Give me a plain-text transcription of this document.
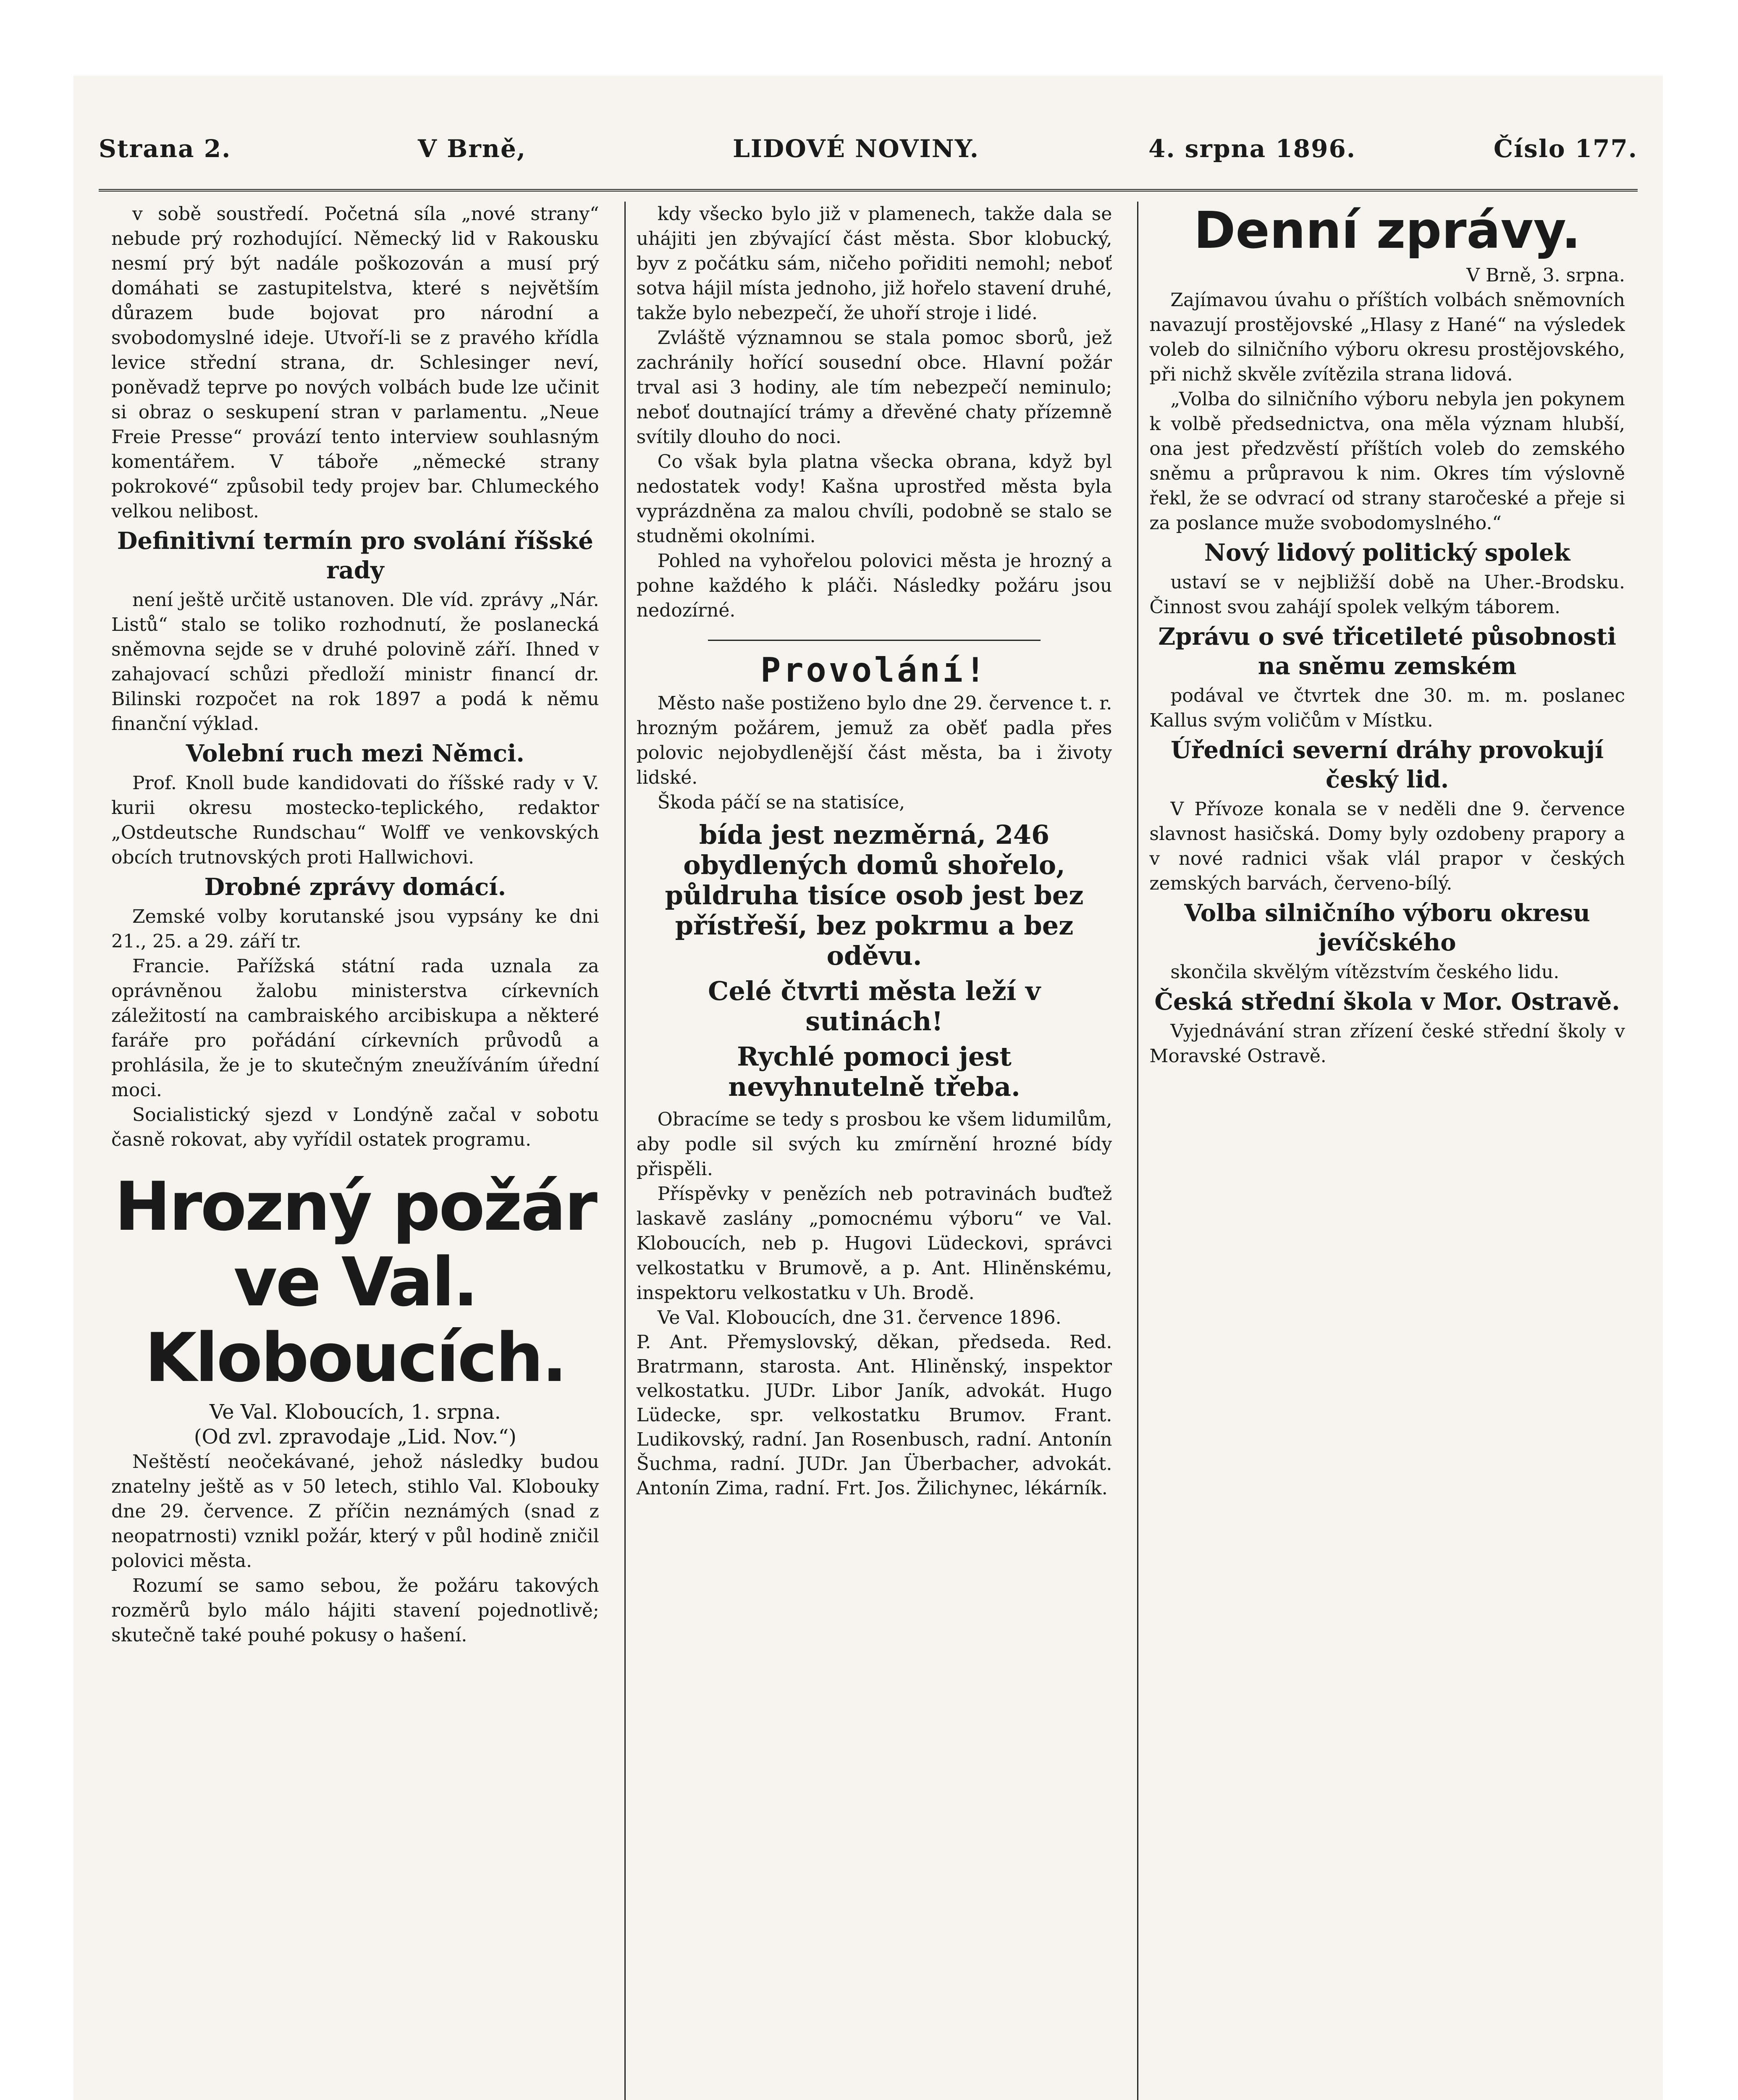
Strana 2.	V Brně,	LIDOVÉ NOVINY.	4. srpna 1896.	Číslo 177.

v sobě soustředí. Početná síla „nové strany“ nebude prý rozhodující. Německý lid v Rakousku nesmí prý být nadále poškozován a musí prý domáhati se zastupitelstva, které s největším důrazem bude bojovat pro národní a svobodomyslné ideje. Utvoří-li se z pravého křídla levice střední strana, dr. Schlesinger neví, poněvadž teprve po nových volbách bude lze učinit si obraz o seskupení stran v parlamentu. „Neue Freie Presse“ provází tento interview souhlasným komentářem. V táboře „německé strany pokrokové“ způsobil tedy projev bar. Chlumeckého velkou nelibost.

Definitivní termín pro svolání říšské rady

není ještě určitě ustanoven. Dle víd. zprávy „Nár. Listů“ stalo se toliko rozhodnutí, že poslanecká sněmovna sejde se v druhé polovině září. Ihned v zahajovací schůzi předloží ministr financí dr. Bilinski rozpočet na rok 1897 a podá k němu finanční výklad.

Volební ruch mezi Němci.

Prof. Knoll bude kandidovati do říšské rady v V. kurii okresu mostecko-teplického, redaktor „Ostdeutsche Rundschau“ Wolff ve venkovských obcích trutnovských proti Hallwichovi.

Drobné zprávy domácí.

Zemské volby korutanské jsou vypsány ke dni 21., 25. a 29. září tr.

Francie. Pařížská státní rada uznala za oprávněnou žalobu ministerstva církevních záležitostí na cambraiského arcibiskupa a některé faráře pro pořádání církevních průvodů a prohlásila, že je to skutečným zneužíváním úřední moci.

Socialistický sjezd v Londýně začal v sobotu časně rokovat, aby vyřídil ostatek programu.

Hrozný požár ve Val. Kloboucích.
Ve Val. Kloboucích, 1. srpna.
(Od zvl. zpravodaje „Lid. Nov.“)

Neštěstí neočekávané, jehož následky budou znatelny ještě as v 50 letech, stihlo Val. Klobouky dne 29. července. Z příčin neznámých (snad z neopatrnosti) vznikl požár, který v půl hodině zničil polovici města.

Rozumí se samo sebou, že požáru takových rozměrů bylo málo hájiti stavení pojednotlivě; skutečně také pouhé pokusy o hašení.

kdy všecko bylo již v plamenech, takže dala se uhájiti jen zbývající část města. Sbor klobucký, byv z počátku sám, ničeho pořiditi nemohl; neboť sotva hájil místa jednoho, již hořelo stavení druhé, takže bylo nebezpečí, že uhoří stroje i lidé.

Zvláště významnou se stala pomoc sborů, jež zachránily hořící sousední obce. Hlavní požár trval asi 3 hodiny, ale tím nebezpečí neminulo; neboť doutnající trámy a dřevěné chaty přízemně svítily dlouho do noci.

Co však byla platna všecka obrana, když byl nedostatek vody! Kašna uprostřed města byla vyprázdněna za malou chvíli, podobně se stalo se studněmi okolními.

Pohled na vyhořelou polovici města je hrozný a pohne každého k pláči. Následky požáru jsou nedozírné.

Provolání!

Město naše postiženo bylo dne 29. července t. r. hrozným požárem, jemuž za oběť padla přes polovic nejobydlenější část města, ba i životy lidské.

Škoda páčí se na statisíce,

bída jest nezměrná, 246 obydlených domů shořelo, půldruha tisíce osob jest bez přístřeší, bez pokrmu a bez oděvu.
Celé čtvrti města leží v sutinách!
Rychlé pomoci jest nevyhnutelně třeba.

Obracíme se tedy s prosbou ke všem lidumilům, aby podle sil svých ku zmírnění hrozné bídy přispěli.

Příspěvky v penězích neb potravinách buďtež laskavě zaslány „pomocnému výboru“ ve Val. Kloboucích, neb p. Hugovi Lüdeckovi, správci velkostatku v Brumově, a p. Ant. Hliněnskému, inspektoru velkostatku v Uh. Brodě.

Ve Val. Kloboucích, dne 31. července 1896.

P. Ant. Přemyslovský, děkan, předseda. Red. Bratrmann, starosta. Ant. Hliněnský, inspektor velkostatku. JUDr. Libor Janík, advokát. Hugo Lüdecke, spr. velkostatku Brumov. Frant. Ludikovský, radní. Jan Rosenbusch, radní. Antonín Šuchma, radní. JUDr. Jan Überbacher, advokát. Antonín Zima, radní. Frt. Jos. Žilichynec, lékárník.
Denní zprávy.
V Brně, 3. srpna.

Zajímavou úvahu o příštích volbách sněmovních navazují prostějovské „Hlasy z Hané“ na výsledek voleb do silničního výboru okresu prostějovského, při nichž skvěle zvítězila strana lidová.

„Volba do silničního výboru nebyla jen pokynem k volbě předsednictva, ona měla význam hlubší, ona jest předzvěstí příštích voleb do zemského sněmu a průpravou k nim. Okres tím výslovně řekl, že se odvrací od strany staročeské a přeje si za poslance muže svobodomyslného.“

Nový lidový politický spolek

ustaví se v nejbližší době na Uher.-Brodsku. Činnost svou zahájí spolek velkým táborem.

Zprávu o své třicetileté působnosti na sněmu zemském

podával ve čtvrtek dne 30. m. m. poslanec Kallus svým voličům v Místku.

Úředníci severní dráhy provokují český lid.

V Přívoze konala se v neděli dne 9. července slavnost hasičská. Domy byly ozdobeny prapory a v nové radnici však vlál prapor v českých zemských barvách, červeno-bílý.

Volba silničního výboru okresu jevíčského

skončila skvělým vítězstvím českého lidu.

Česká střední škola v Mor. Ostravě.

Vyjednávání stran zřízení české střední školy v Moravské Ostravě.
